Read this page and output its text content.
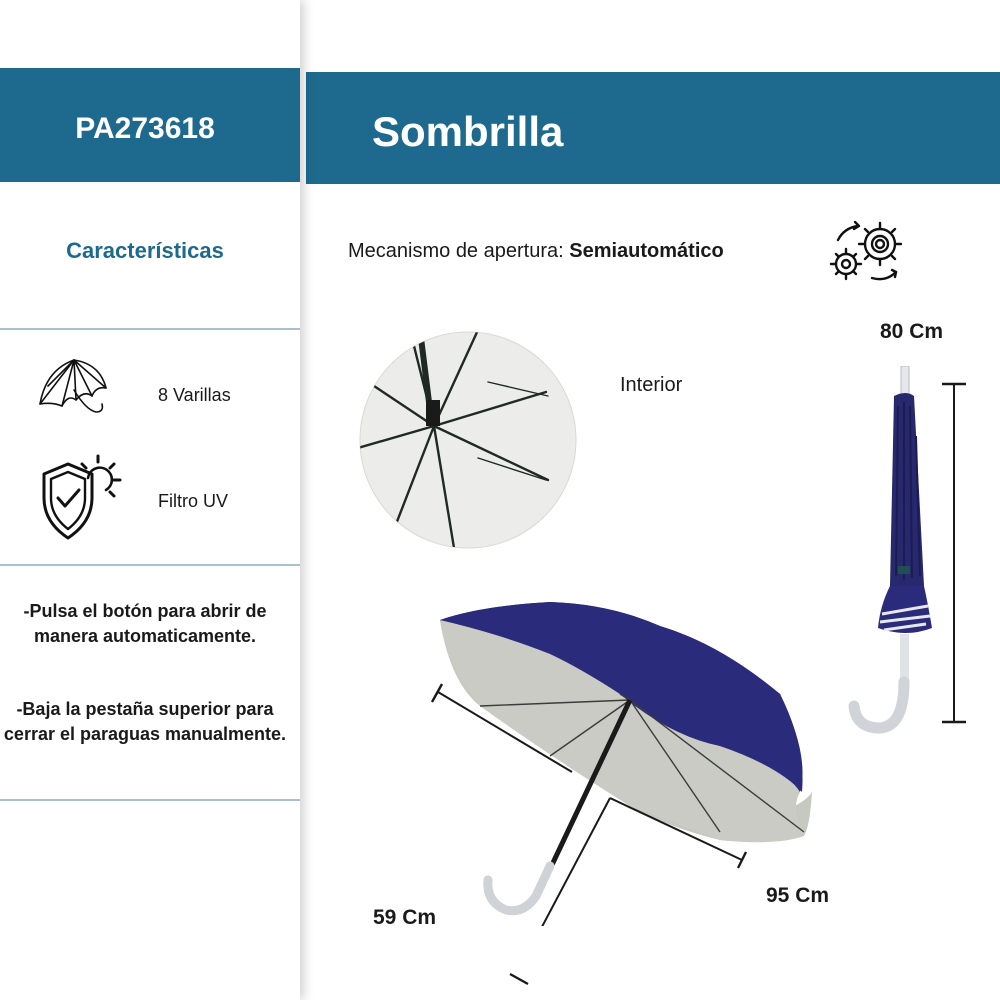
PA273618	Sombrilla
Características
8 Varillas
Filtro UV
-Pulsa el botón para abrir de manera automaticamente.
-Baja la pestaña superior para cerrar el paraguas manualmente.
Mecanismo de apertura: Semiautomático
Interior
80 Cm
95 Cm
59 Cm
